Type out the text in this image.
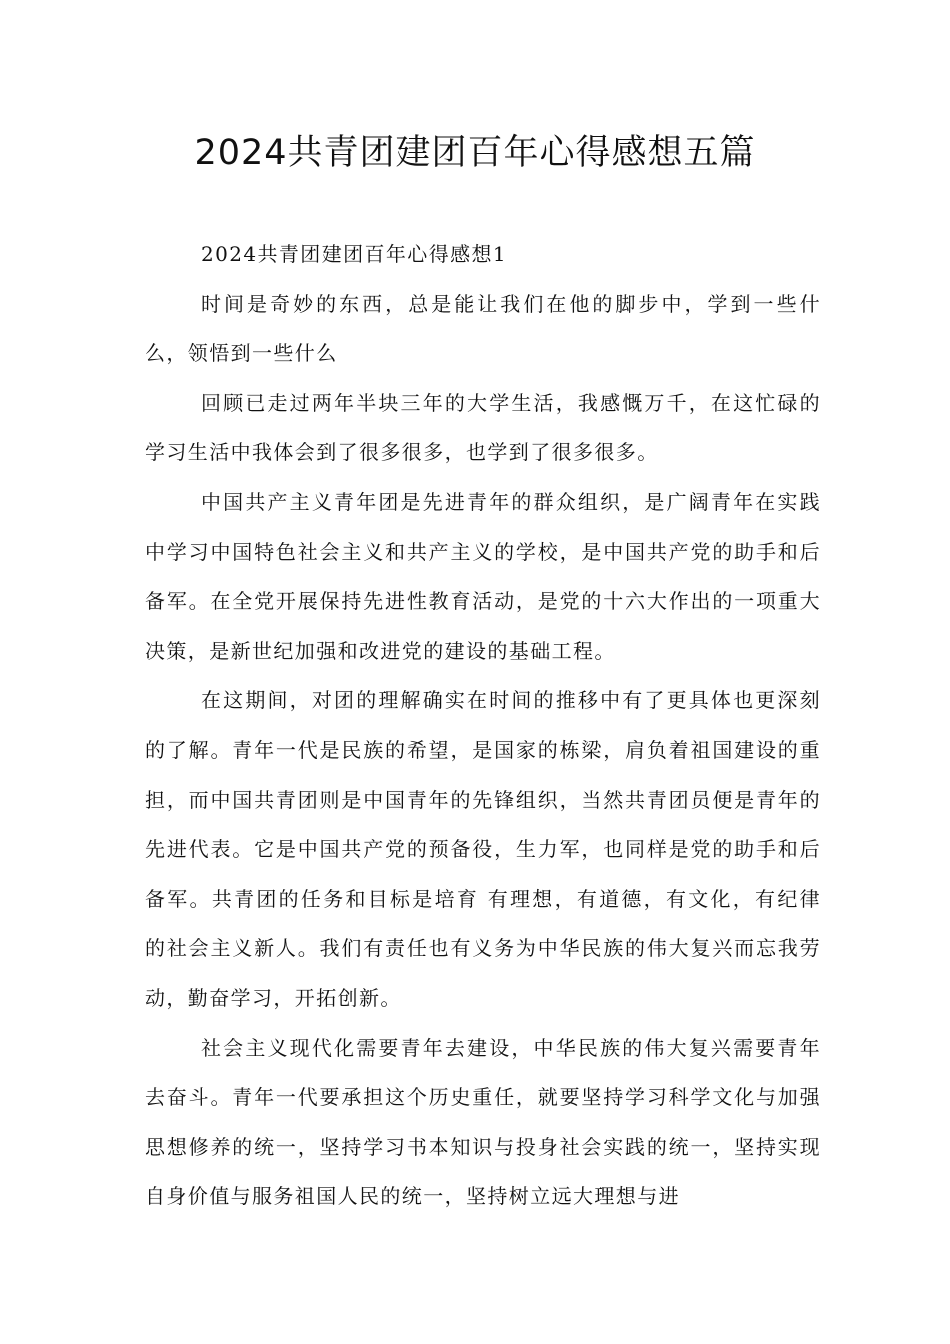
2024共青团建团百年心得感想五篇

2024共青团建团百年心得感想1

时间是奇妙的东西，总是能让我们在他的脚步中，学到一些什么，领悟到一些什么

回顾已走过两年半块三年的大学生活，我感慨万千，在这忙碌的学习生活中我体会到了很多很多，也学到了很多很多。

中国共产主义青年团是先进青年的群众组织，是广阔青年在实践中学习中国特色社会主义和共产主义的学校，是中国共产党的助手和后备军。在全党开展保持先进性教育活动，是党的十六大作出的一项重大决策，是新世纪加强和改进党的建设的基础工程。

在这期间，对团的理解确实在时间的推移中有了更具体也更深刻的了解。青年一代是民族的希望，是国家的栋梁，肩负着祖国建设的重担，而中国共青团则是中国青年的先锋组织，当然共青团员便是青年的先进代表。它是中国共产党的预备役，生力军，也同样是党的助手和后备军。共青团的任务和目标是培育 有理想，有道德，有文化，有纪律 的社会主义新人。我们有责任也有义务为中华民族的伟大复兴而忘我劳动，勤奋学习，开拓创新。

社会主义现代化需要青年去建设，中华民族的伟大复兴需要青年去奋斗。青年一代要承担这个历史重任，就要坚持学习科学文化与加强思想修养的统一，坚持学习书本知识与投身社会实践的统一，坚持实现自身价值与服务祖国人民的统一，坚持树立远大理想与进
